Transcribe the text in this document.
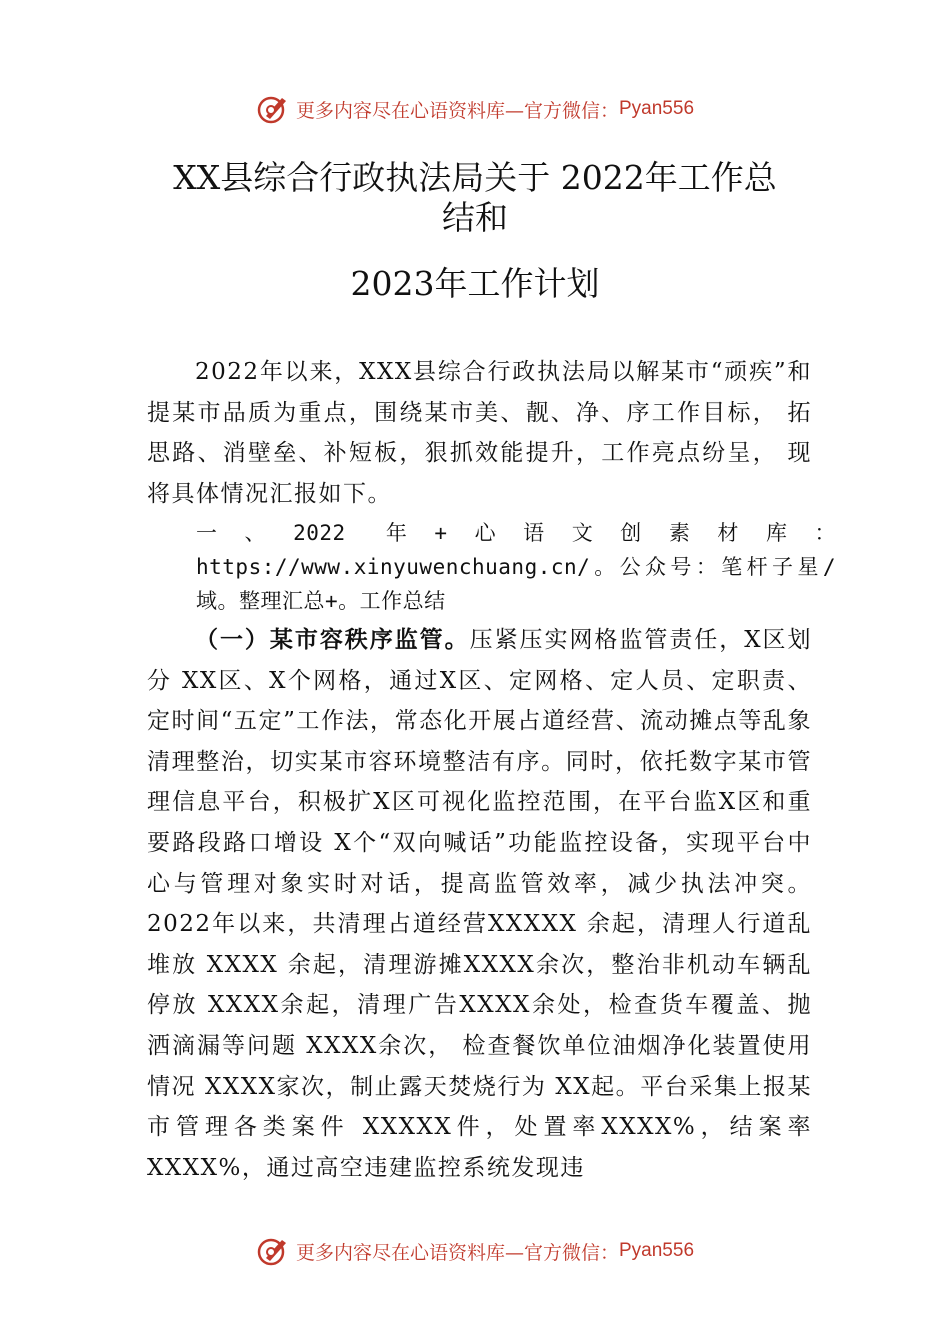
更多内容尽在心语资料库—官方微信： Pyan556
XX县综合行政执法局关于 2022年工作总
结和
2023年工作计划

2022年以来，XXX县综合行政执法局以解某市“顽疾”和提某市品质为重点，围绕某市美、靓、净、序工作目标， 拓思路、消壁垒、补短板，狠抓效能提升，工作亮点纷呈， 现将具体情况汇报如下。

一、2022 年+心语文创素材库：https://www.xinyuwenchuang.cn/。公众号：笔杆子星/域。整理汇总+。工作总结

（一）某市容秩序监管。压紧压实网格监管责任，X区划分 XX区、X个网格，通过X区、定网格、定人员、定职责、定时间“五定”工作法，常态化开展占道经营、流动摊点等乱象清理整治，切实某市容环境整洁有序。同时，依托数字某市管理信息平台，积极扩X区可视化监控范围，在平台监X区和重要路段路口增设 X个“双向喊话”功能监控设备，实现平台中心与管理对象实时对话，提高监管效率，减少执法冲突。2022年以来，共清理占道经营XXXXX 余起，清理人行道乱堆放 XXXX 余起，清理游摊XXXX余次，整治非机动车辆乱停放 XXXX余起，清理广告XXXX余处，检查货车覆盖、抛洒滴漏等问题 XXXX余次， 检查餐饮单位油烟净化装置使用情况 XXXX家次，制止露天焚烧行为 XX起。平台采集上报某市管理各类案件 XXXXX件，处置率XXXX%，结案率 XXXX%，通过高空违建监控系统发现违

更多内容尽在心语资料库—官方微信： Pyan556
